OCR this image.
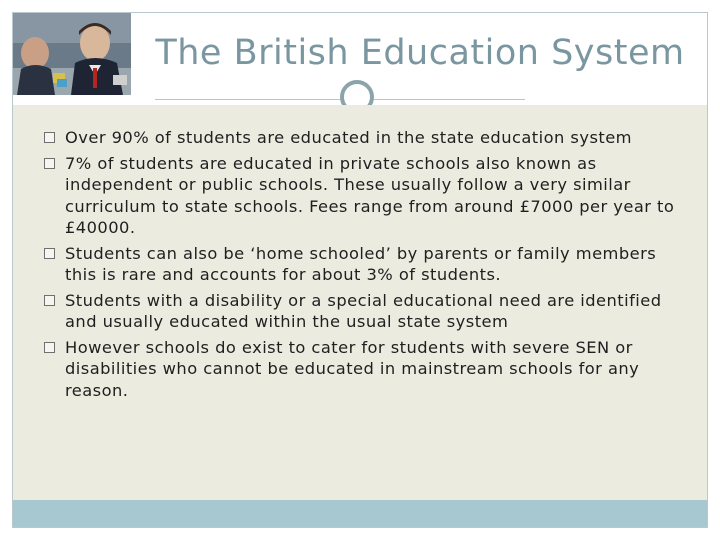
The British Education System
Over 90% of students are educated in the state education system
7% of students are educated in private schools also known as independent or public schools. These usually follow a very similar curriculum to state schools. Fees range from around £7000 per year to £40000.
Students can also be ‘home schooled’ by parents or family members this is rare and accounts for about 3% of students.
Students with a disability or a special educational need are identified and usually educated within the usual state system
However schools do exist to cater for students with severe SEN or disabilities who cannot be educated in mainstream schools for any reason.
